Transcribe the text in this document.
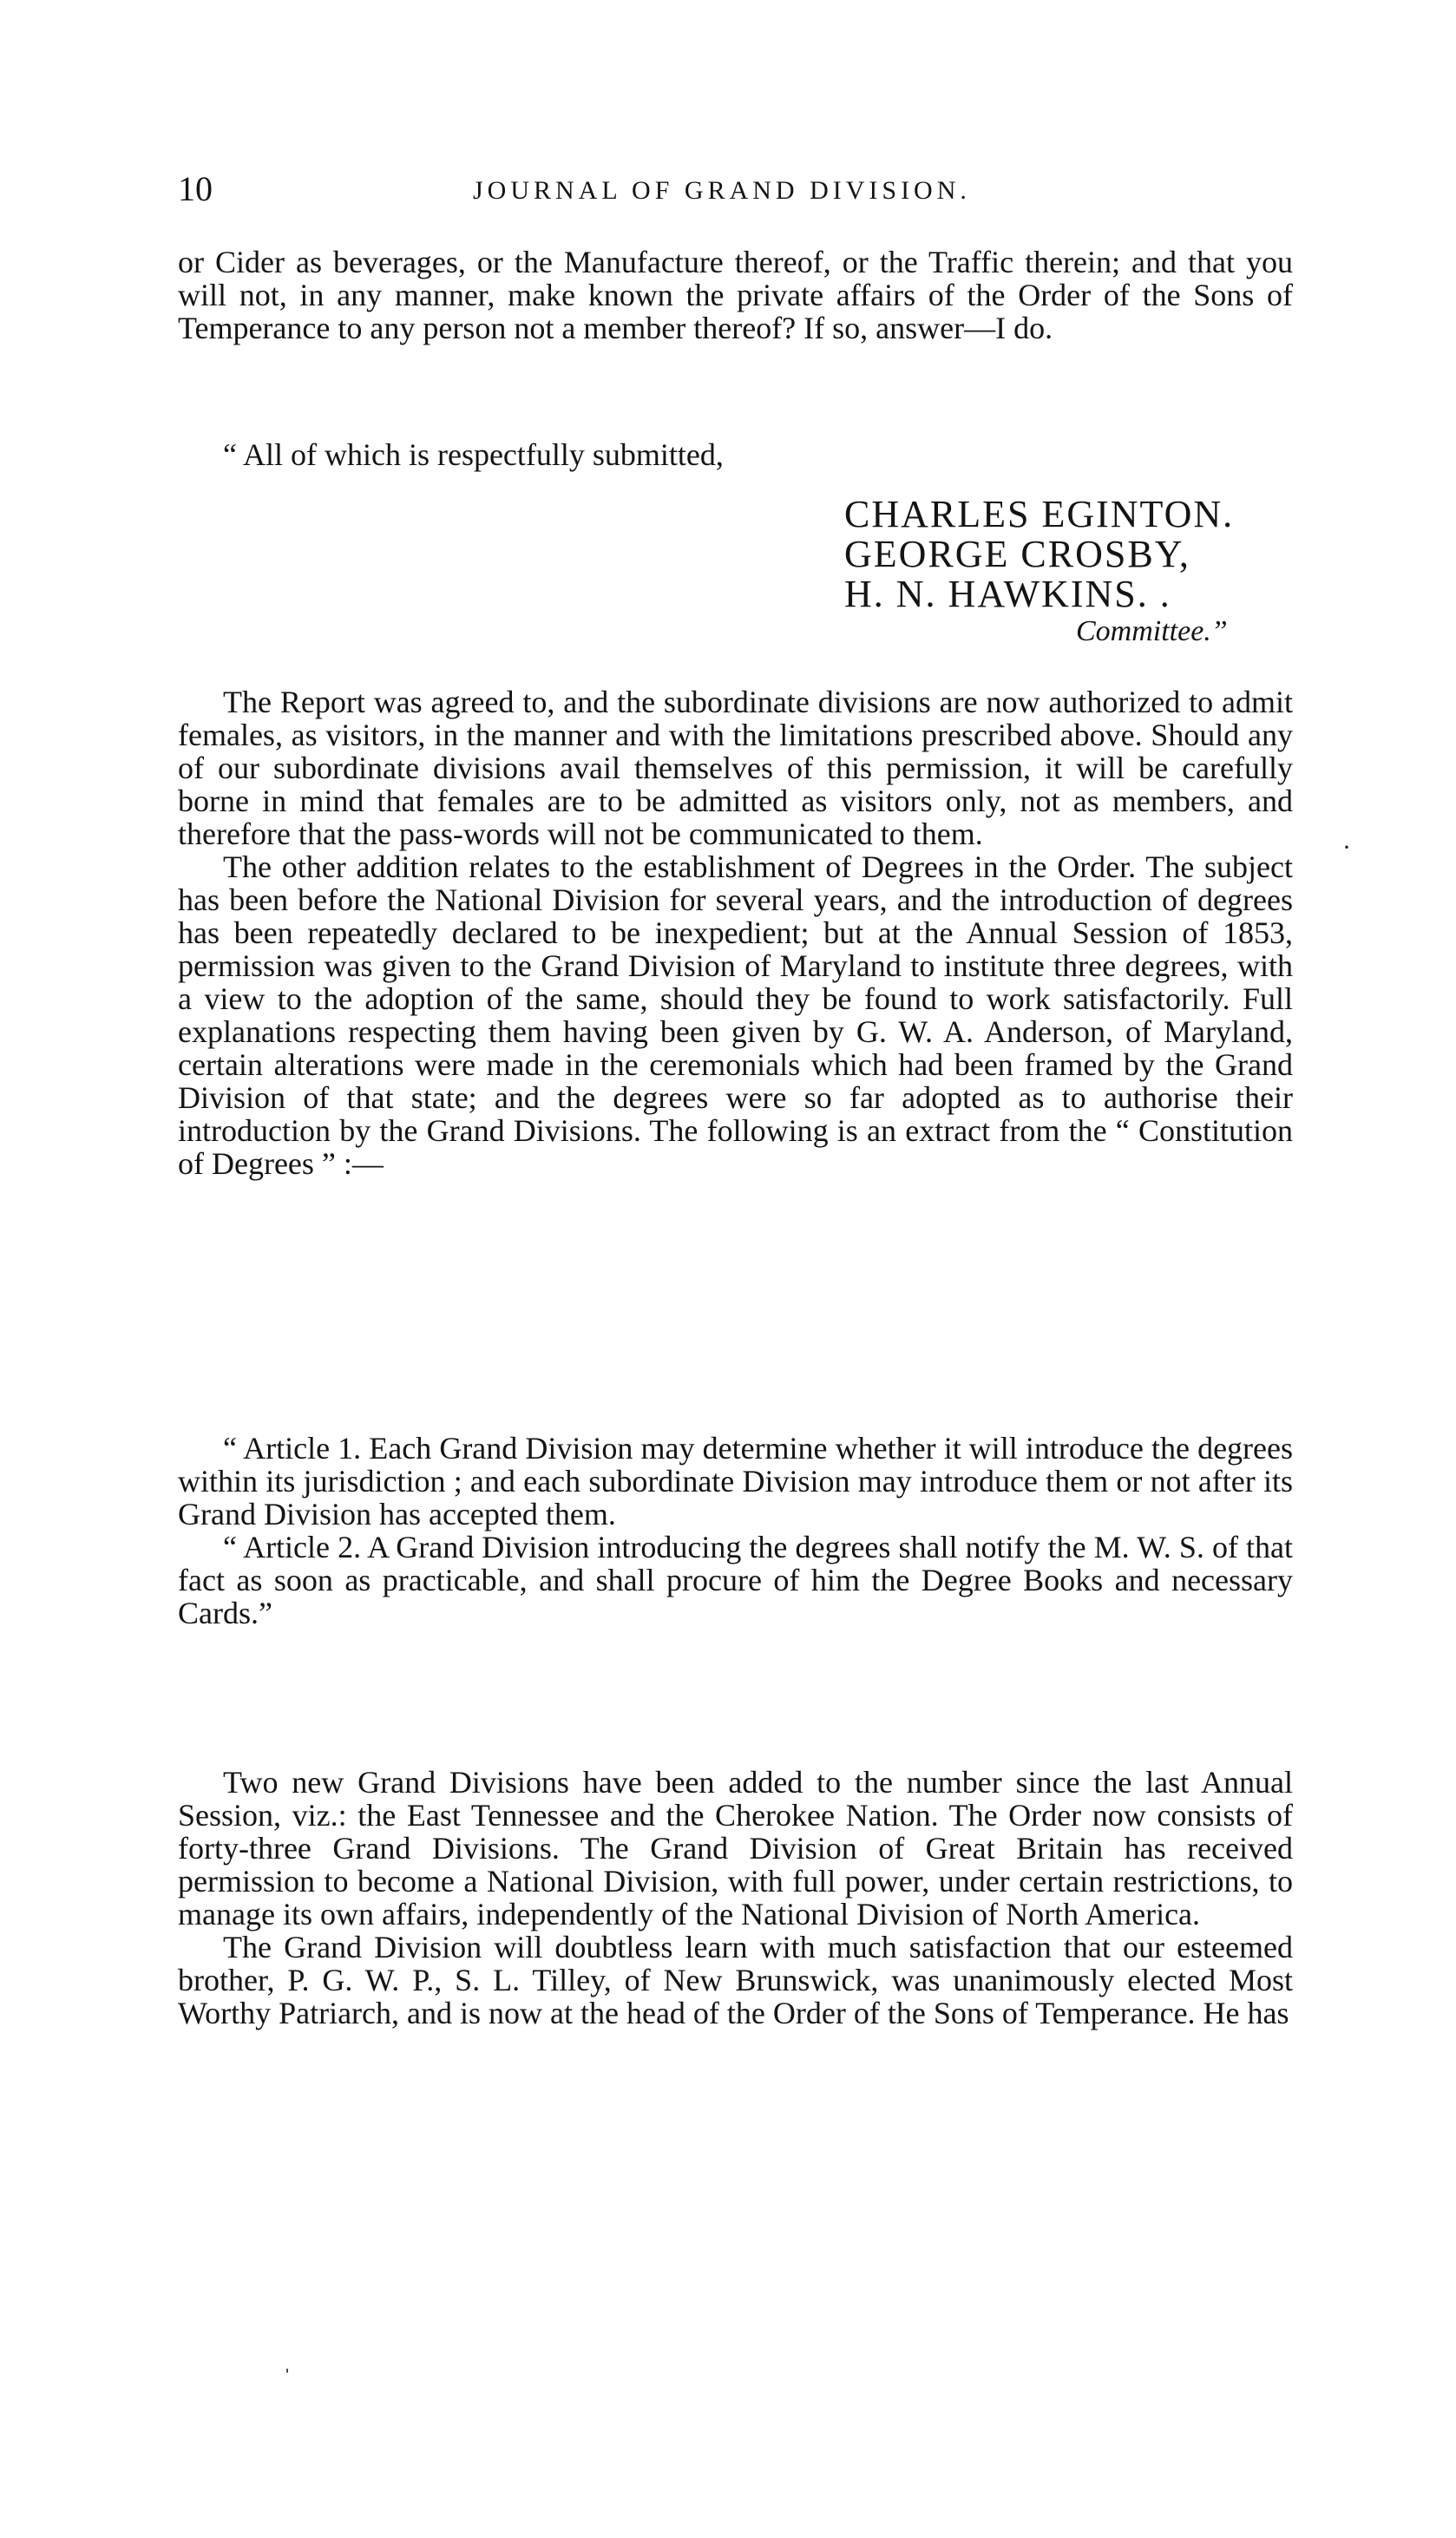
10	JOURNAL OF GRAND DIVISION.

or Cider as beverages, or the Manufacture thereof, or the Traffic therein; and that you will not, in any manner, make known the private affairs of the Order of the Sons of Temperance to any person not a member thereof? If so, answer—I do.

“ All of which is respectfully submitted,

CHARLES EGINTON.
GEORGE CROSBY,
H. N. HAWKINS. .
Committee.”

The Report was agreed to, and the subordinate divisions are now authorized to admit females, as visitors, in the manner and with the limitations prescribed above. Should any of our subordinate divisions avail themselves of this permission, it will be carefully borne in mind that females are to be admitted as visitors only, not as members, and therefore that the pass-words will not be communicated to them.

The other addition relates to the establishment of Degrees in the Order. The subject has been before the National Division for several years, and the introduction of degrees has been repeatedly declared to be inexpedient; but at the Annual Session of 1853, permission was given to the Grand Division of Maryland to institute three degrees, with a view to the adoption of the same, should they be found to work satisfactorily. Full explanations respecting them having been given by G. W. A. Anderson, of Maryland, certain alterations were made in the ceremonials which had been framed by the Grand Division of that state; and the degrees were so far adopted as to authorise their introduction by the Grand Divisions. The following is an extract from the “ Constitution of Degrees ” :—

“ Article 1. Each Grand Division may determine whether it will introduce the degrees within its jurisdiction ; and each subordinate Division may introduce them or not after its Grand Division has accepted them.

“ Article 2. A Grand Division introducing the degrees shall notify the M. W. S. of that fact as soon as practicable, and shall procure of him the Degree Books and necessary Cards.”

Two new Grand Divisions have been added to the number since the last Annual Session, viz.: the East Tennessee and the Cherokee Nation. The Order now consists of forty-three Grand Divisions. The Grand Division of Great Britain has received permission to become a National Division, with full power, under certain restrictions, to manage its own affairs, independently of the National Division of North America.

The Grand Division will doubtless learn with much satisfaction that our esteemed brother, P. G. W. P., S. L. Tilley, of New Brunswick, was unanimously elected Most Worthy Patriarch, and is now at the head of the Order of the Sons of Temperance. He has

·
ˌ
